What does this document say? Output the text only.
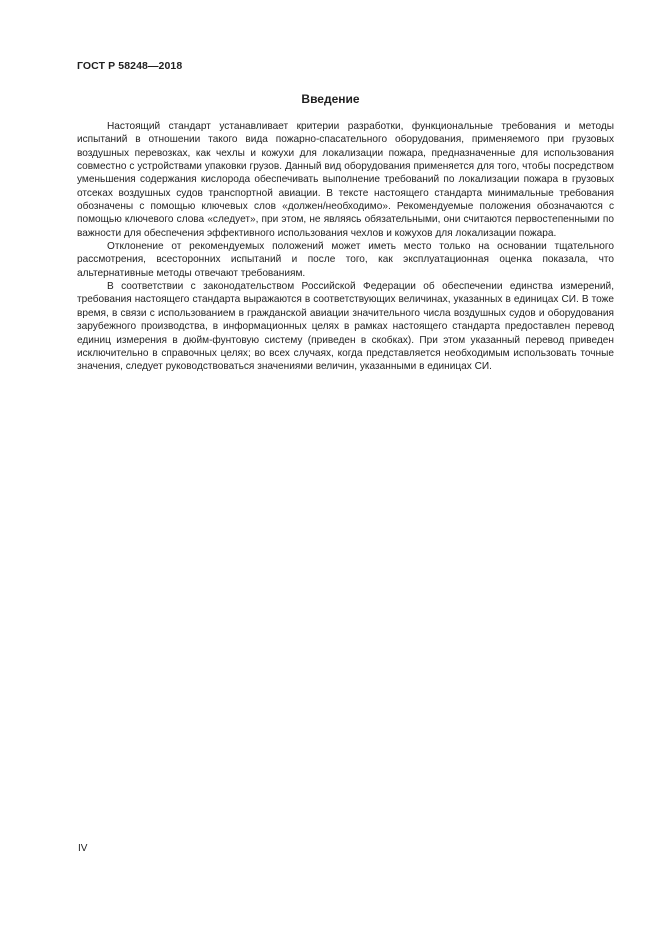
ГОСТ Р 58248—2018
Введение

Настоящий стандарт устанавливает критерии разработки, функциональные требования и методы испытаний в отношении такого вида пожарно-спасательного оборудования, применяемого при грузовых воздушных перевозках, как чехлы и кожухи для локализации пожара, предназначенные для использования совместно с устройствами упаковки грузов. Данный вид оборудования применяется для того, чтобы посредством уменьшения содержания кислорода обеспечивать выполнение требований по локализации пожара в грузовых отсеках воздушных судов транспортной авиации. В тексте настоящего стандарта минимальные требования обозначены с помощью ключевых слов «должен/необходимо». Рекомендуемые положения обозначаются с помощью ключевого слова «следует», при этом, не являясь обязательными, они считаются первостепенными по важности для обеспечения эффективного использования чехлов и кожухов для локализации пожара.

Отклонение от рекомендуемых положений может иметь место только на основании тщательного рассмотрения, всесторонних испытаний и после того, как эксплуатационная оценка показала, что альтернативные методы отвечают требованиям.

В соответствии с законодательством Российской Федерации об обеспечении единства измерений, требования настоящего стандарта выражаются в соответствующих величинах, указанных в единицах СИ. В тоже время, в связи с использованием в гражданской авиации значительного числа воздушных судов и оборудования зарубежного производства, в информационных целях в рамках настоящего стандарта предоставлен перевод единиц измерения в дюйм-фунтовую систему (приведен в скобках). При этом указанный перевод приведен исключительно в справочных целях; во всех случаях, когда представляется необходимым использовать точные значения, следует руководствоваться значениями величин, указанными в единицах СИ.

IV
